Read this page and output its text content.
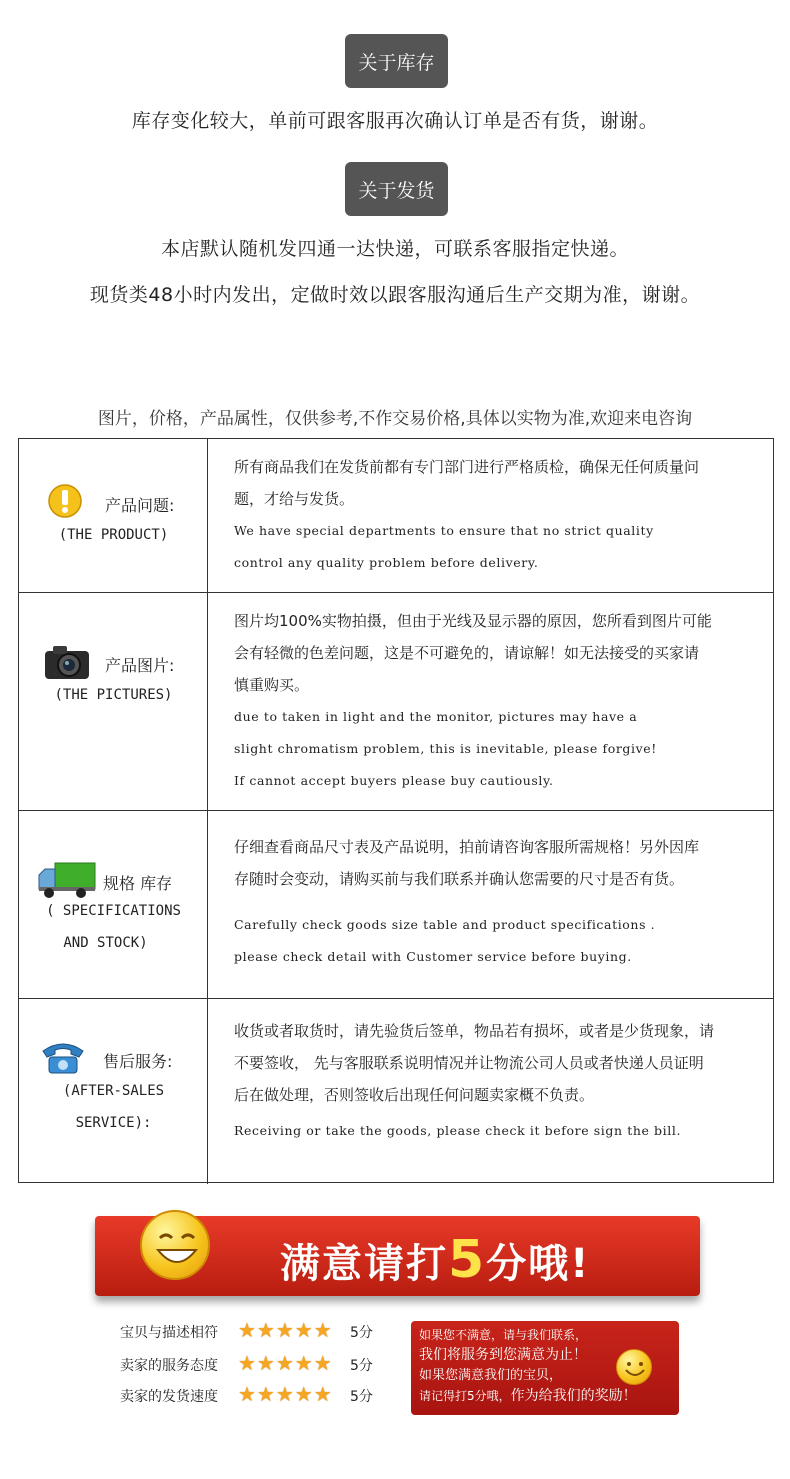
关于库存
库存变化较大，单前可跟客服再次确认订单是否有货，谢谢。
关于发货
本店默认随机发四通一达快递，可联系客服指定快递。
现货类48小时内发出，定做时效以跟客服沟通后生产交期为准，谢谢。
图片，价格，产品属性，仅供参考,不作交易价格,具体以实物为准,欢迎来电咨询
产品问题:
(THE PRODUCT)
所有商品我们在发货前都有专门部门进行严格质检，确保无任何质量问
题，才给与发货。
We have special departments to ensure that no strict quality
control any quality problem before delivery.
产品图片:
(THE PICTURES)
图片均100%实物拍摄，但由于光线及显示器的原因，您所看到图片可能
会有轻微的色差问题，这是不可避免的，请谅解！如无法接受的买家请
慎重购买。
due to taken in light and the monitor, pictures may have a
slight chromatism problem, this is inevitable, please forgive!
If cannot accept buyers please buy cautiously.
规格 库存
( SPECIFICATIONS
AND STOCK)
仔细查看商品尺寸表及产品说明，拍前请咨询客服所需规格！另外因库
存随时会变动，请购买前与我们联系并确认您需要的尺寸是否有货。
Carefully check goods size table and product specifications .
please check detail with Customer service before buying.
售后服务:
(AFTER-SALES
SERVICE):
收货或者取货时，请先验货后签单，物品若有损坏，或者是少货现象，请
不要签收， 先与客服联系说明情况并让物流公司人员或者快递人员证明
后在做处理，否则签收后出现任何问题卖家概不负责。
Receiving or take the goods, please check it before sign the bill.
满意请打5分哦!
宝贝与描述相符 ★★★★★ 5分
卖家的服务态度 ★★★★★ 5分
卖家的发货速度 ★★★★★ 5分
如果您不满意，请与我们联系，
我们将服务到您满意为止！
如果您满意我们的宝贝，
请记得打5分哦，作为给我们的奖励！
